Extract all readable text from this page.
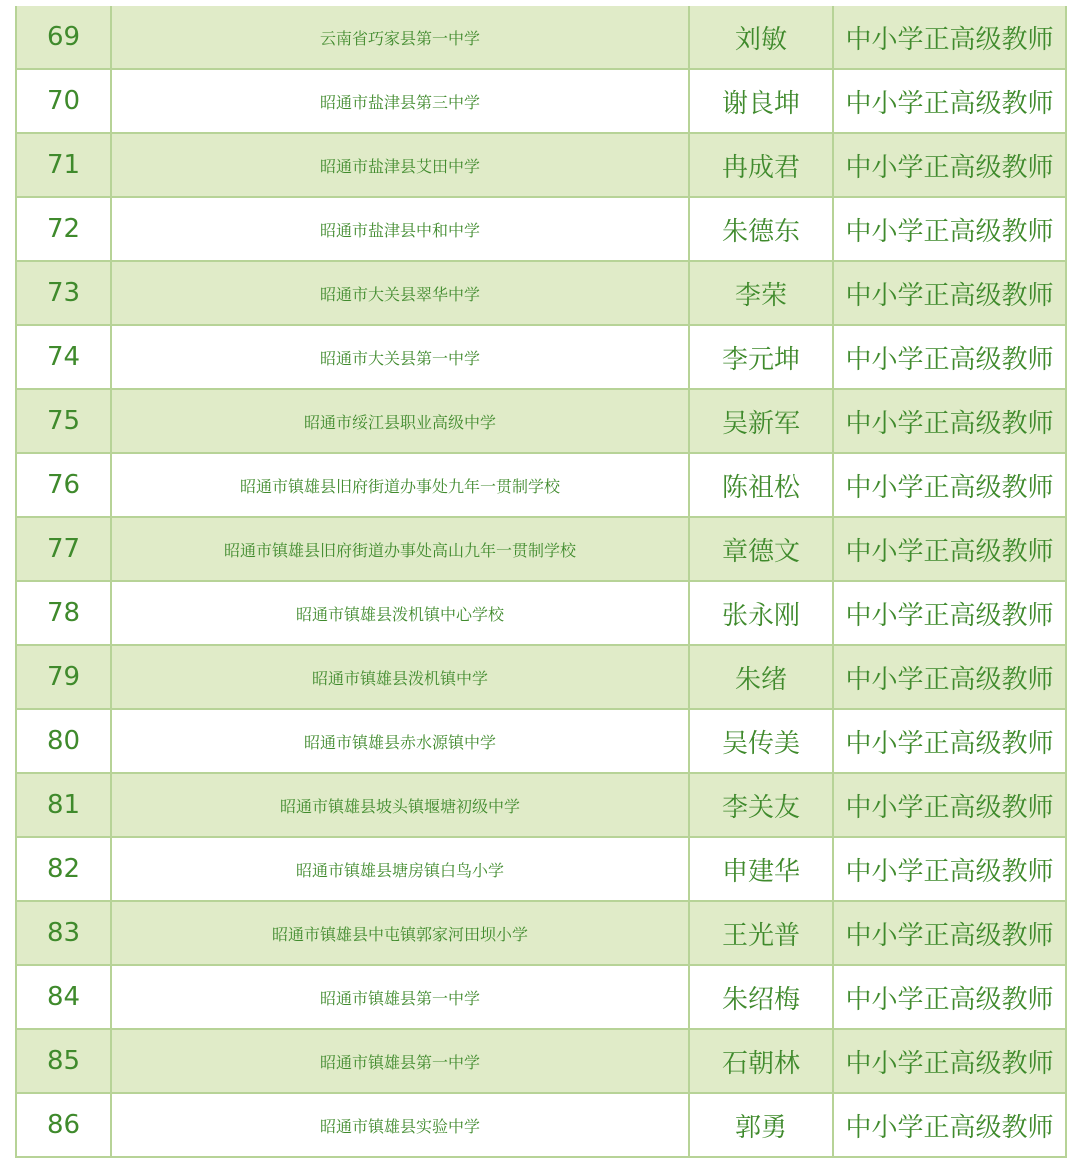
69	云南省巧家县第一中学	刘敏	中小学正高级教师
70	昭通市盐津县第三中学	谢良坤	中小学正高级教师
71	昭通市盐津县艾田中学	冉成君	中小学正高级教师
72	昭通市盐津县中和中学	朱德东	中小学正高级教师
73	昭通市大关县翠华中学	李荣	中小学正高级教师
74	昭通市大关县第一中学	李元坤	中小学正高级教师
75	昭通市绥江县职业高级中学	吴新军	中小学正高级教师
76	昭通市镇雄县旧府街道办事处九年一贯制学校	陈祖松	中小学正高级教师
77	昭通市镇雄县旧府街道办事处高山九年一贯制学校	章德文	中小学正高级教师
78	昭通市镇雄县泼机镇中心学校	张永刚	中小学正高级教师
79	昭通市镇雄县泼机镇中学	朱绪	中小学正高级教师
80	昭通市镇雄县赤水源镇中学	吴传美	中小学正高级教师
81	昭通市镇雄县坡头镇堰塘初级中学	李关友	中小学正高级教师
82	昭通市镇雄县塘房镇白鸟小学	申建华	中小学正高级教师
83	昭通市镇雄县中屯镇郭家河田坝小学	王光普	中小学正高级教师
84	昭通市镇雄县第一中学	朱绍梅	中小学正高级教师
85	昭通市镇雄县第一中学	石朝林	中小学正高级教师
86	昭通市镇雄县实验中学	郭勇	中小学正高级教师
